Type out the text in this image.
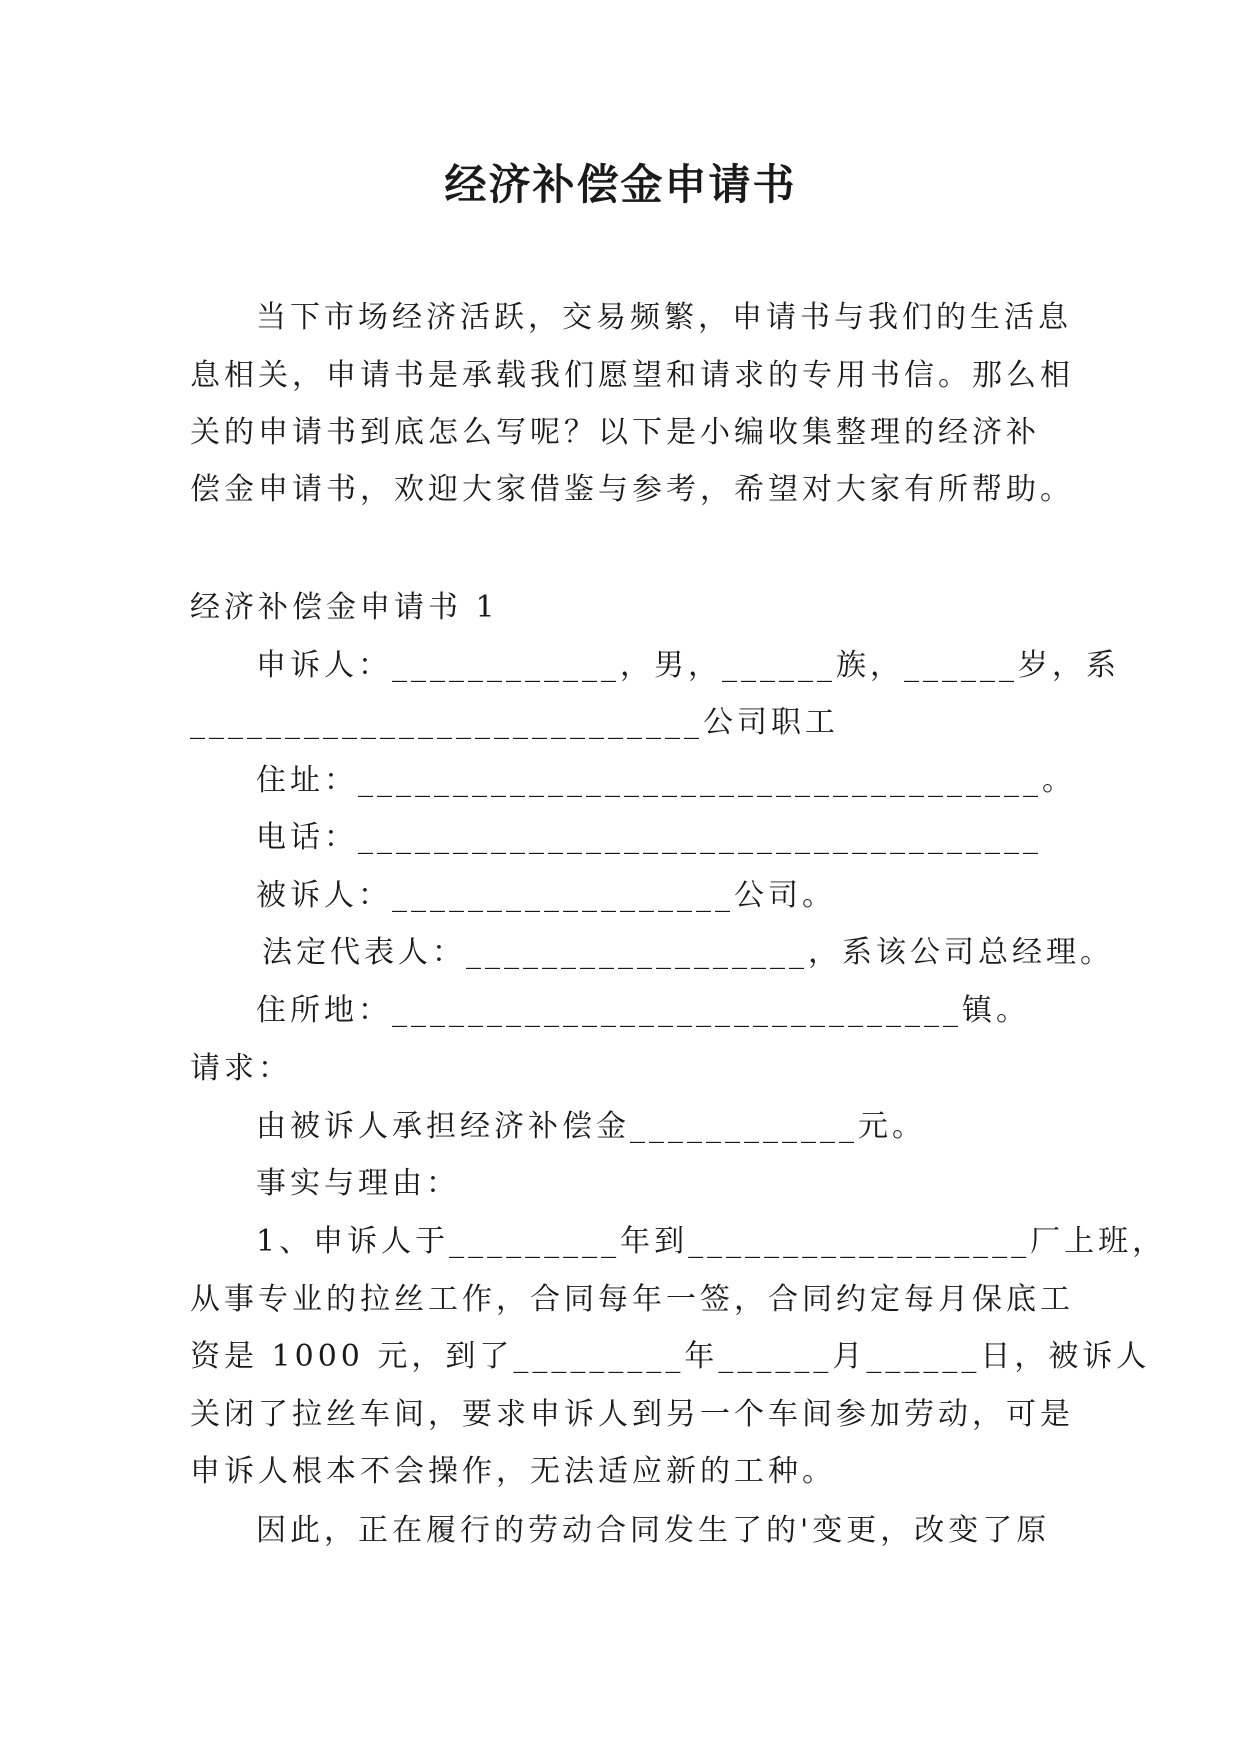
经济补偿金申请书
当下市场经济活跃，交易频繁，申请书与我们的生活息
息相关，申请书是承载我们愿望和请求的专用书信。那么相
关的申请书到底怎么写呢？以下是小编收集整理的经济补
偿金申请书，欢迎大家借鉴与参考，希望对大家有所帮助。
经济补偿金申请书 1
申诉人：____________，男，______族，______岁，系
___________________________公司职工
住址：____________________________________。
电话：____________________________________
被诉人：__________________公司。
法定代表人：__________________，系该公司总经理。
住所地：______________________________镇。
请求：
由被诉人承担经济补偿金____________元。
事实与理由：
1、申诉人于_________年到__________________厂上班，
从事专业的拉丝工作，合同每年一签，合同约定每月保底工
资是 1000 元，到了_________年______月______日，被诉人
关闭了拉丝车间，要求申诉人到另一个车间参加劳动，可是
申诉人根本不会操作，无法适应新的工种。
因此，正在履行的劳动合同发生了的'变更，改变了原
